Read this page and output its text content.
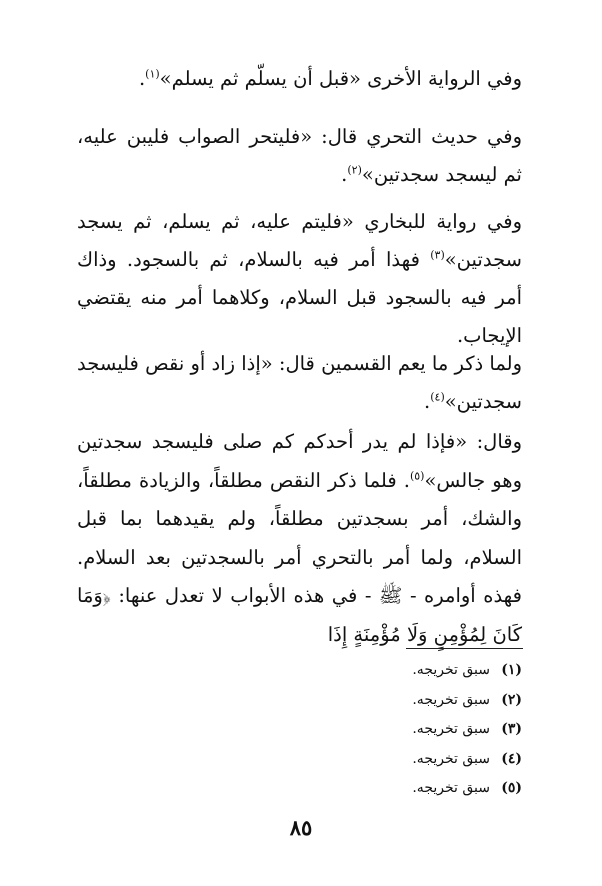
وفي الرواية الأخرى «قبل أن يسلّم ثم يسلم»$^{(١)}$.

وفي حديث التحري قال: «فليتحر الصواب فليبن عليه، ثم ليسجد سجدتين»$^{(٢)}$.

وفي رواية للبخاري «فليتم عليه، ثم يسلم، ثم يسجد سجدتين»$^{(٣)}$ فهذا أمر فيه بالسلام، ثم بالسجود. وذاك أمر فيه بالسجود قبل السلام، وكلاهما أمر منه يقتضي الإيجاب.

ولما ذكر ما يعم القسمين قال: «إذا زاد أو نقص فليسجد سجدتين»$^{(٤)}$.

وقال: «فإذا لم يدر أحدكم كم صلى فليسجد سجدتين وهو جالس»$^{(٥)}$. فلما ذكر النقص مطلقاً، والزيادة مطلقاً، والشك، أمر بسجدتين مطلقاً، ولم يقيدهما بما قبل السلام، ولما أمر بالتحري أمر بالسجدتين بعد السلام. فهذه أوامره - ﷺ - في هذه الأبواب لا تعدل عنها: ﴿وَمَا كَانَ لِمُؤْمِنٍ وَلَا مُؤْمِنَةٍ إِذَا

(١)سبق تخريجه.
(٢)سبق تخريجه.
(٣)سبق تخريجه.
(٤)سبق تخريجه.
(٥)سبق تخريجه.
٨٥
